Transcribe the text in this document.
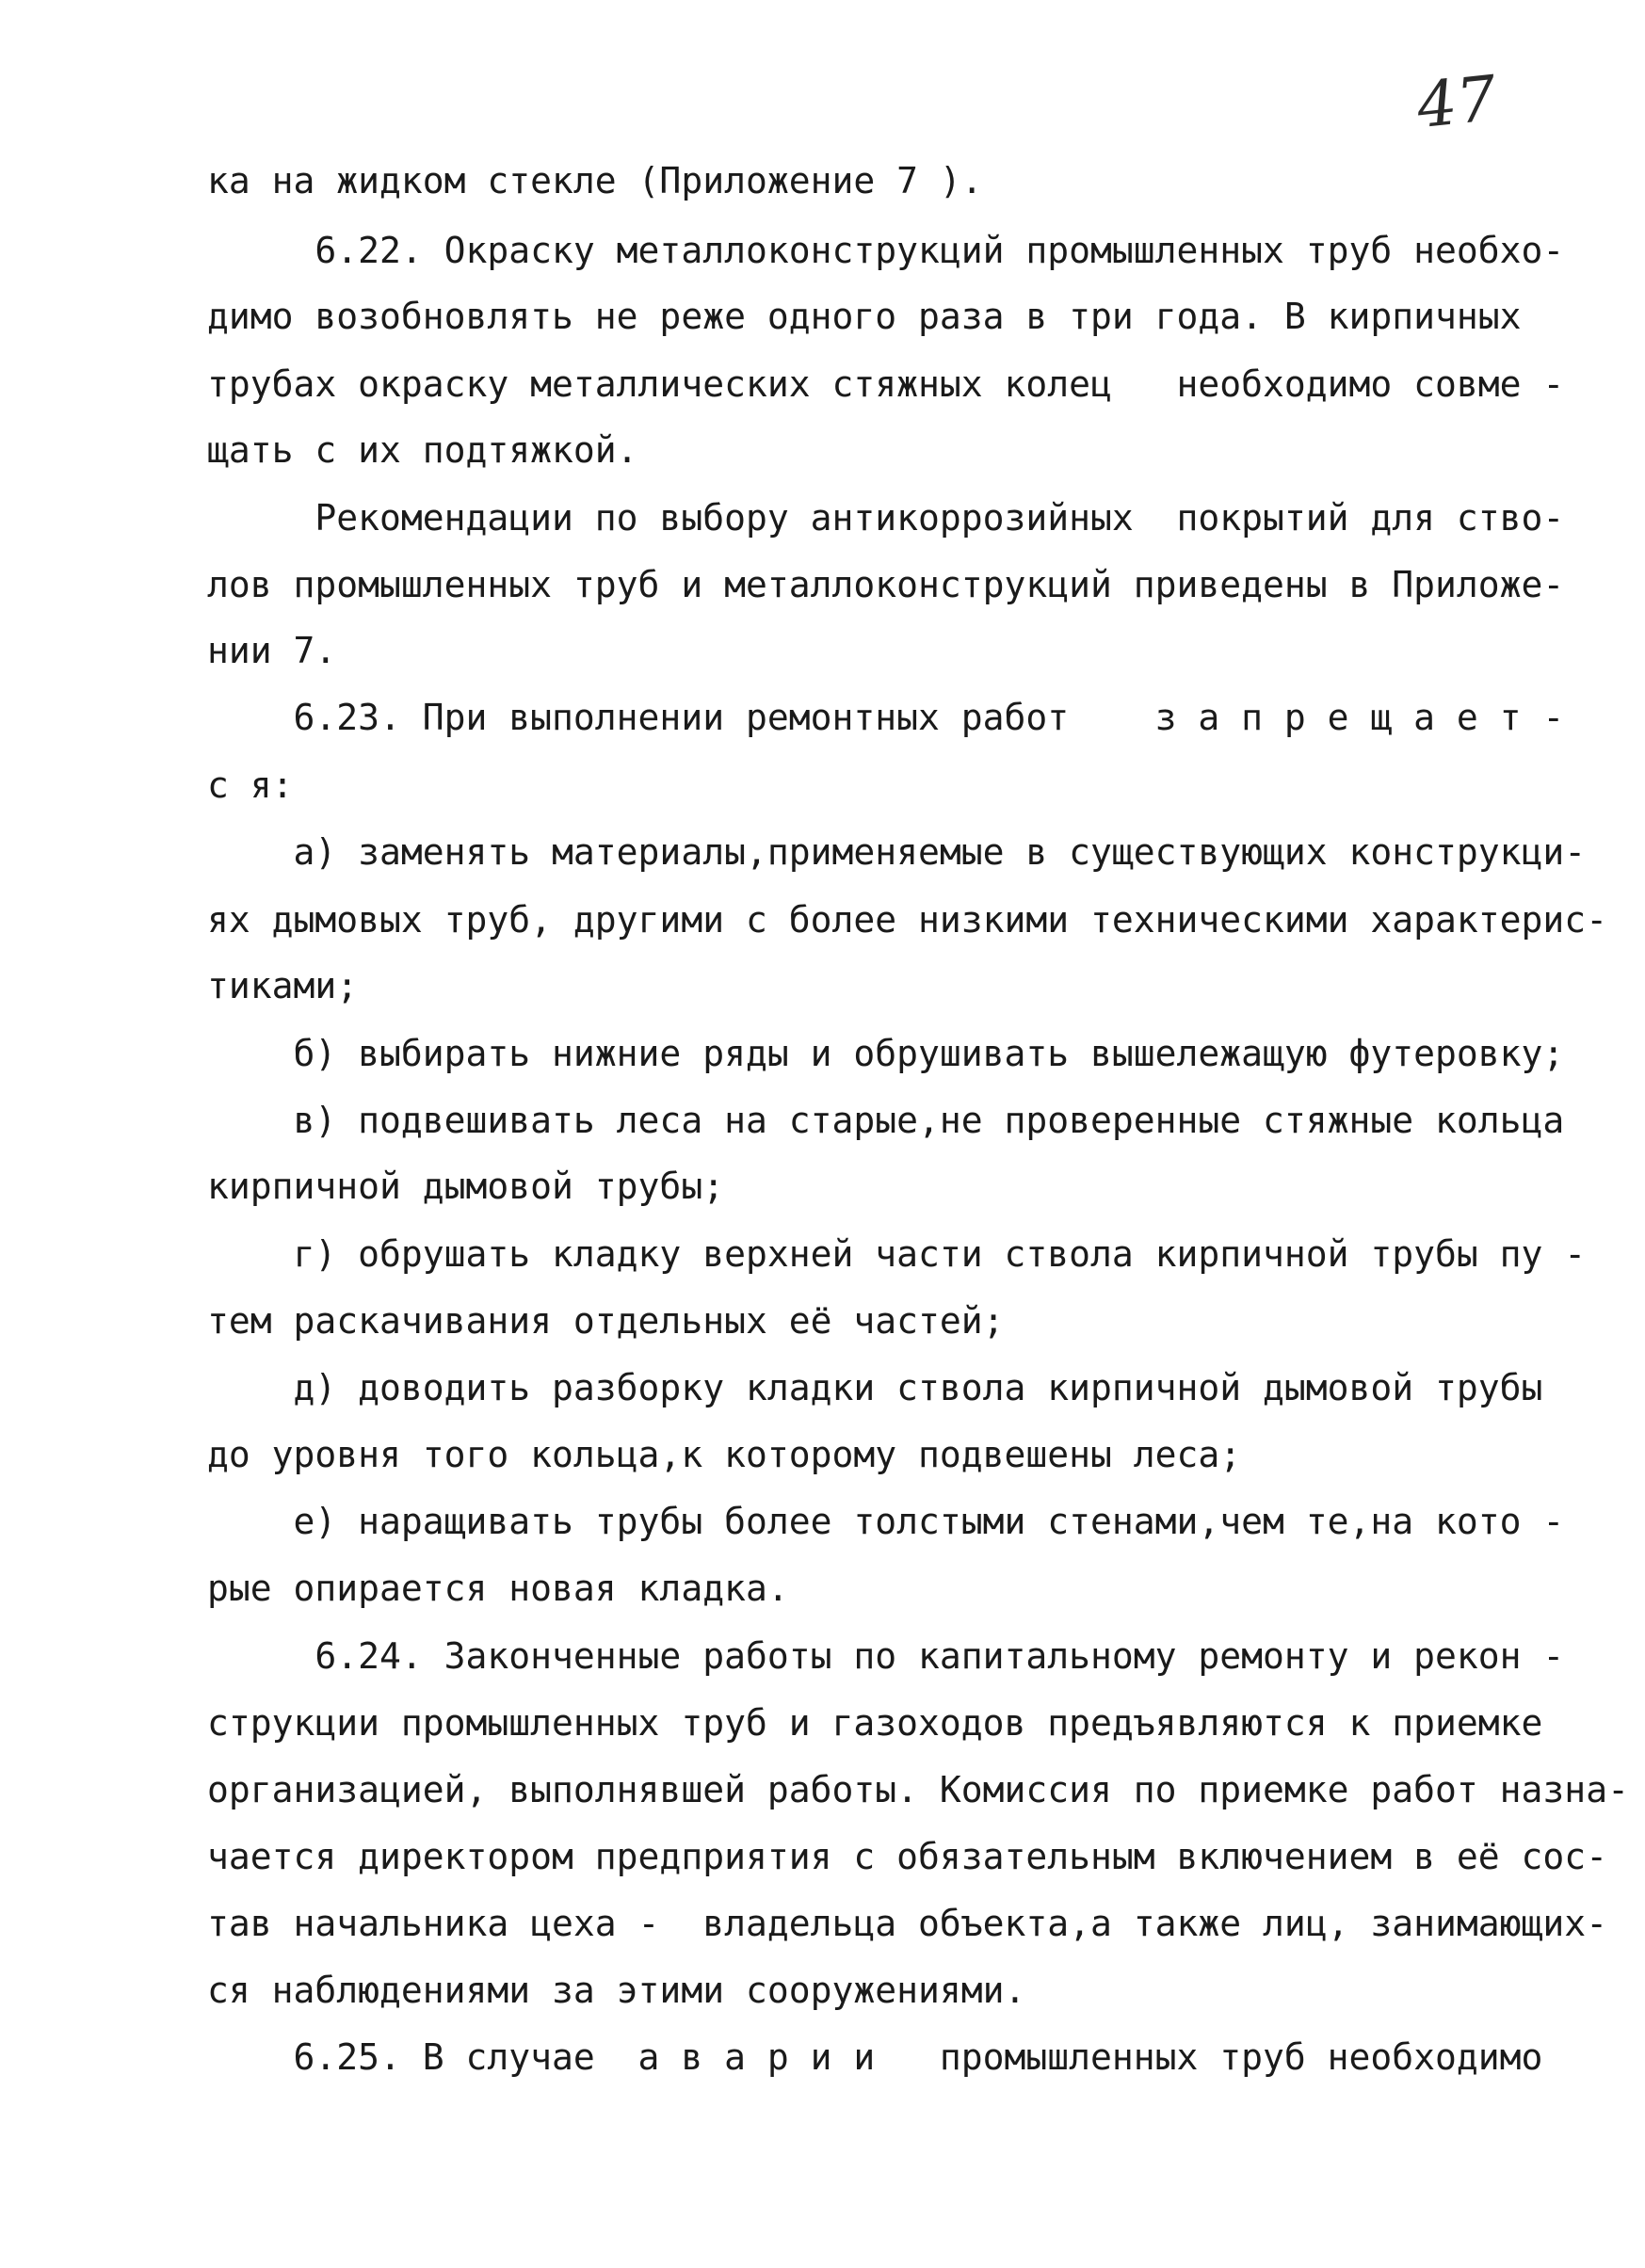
47
ка на жидком стекле (Приложение 7 ).
6.22. Окраску металлоконструкций промышленных труб необхо-
димо возобновлять не реже одного раза в три года. В кирпичных
трубах окраску металлических стяжных колец   необходимо совме -
щать с их подтяжкой.
Рекомендации по выбору антикоррозийных  покрытий для ство-
лов промышленных труб и металлоконструкций приведены в Приложе-
нии 7.
6.23. При выполнении ремонтных работ    з а п р е щ а е т -
с я:
а) заменять материалы,применяемые в существующих конструкци-
ях дымовых труб, другими с более низкими техническими характерис-
тиками;
б) выбирать нижние ряды и обрушивать вышележащую футеровку;
в) подвешивать леса на старые,не проверенные стяжные кольца
кирпичной дымовой трубы;
г) обрушать кладку верхней части ствола кирпичной трубы пу -
тем раскачивания отдельных её частей;
д) доводить разборку кладки ствола кирпичной дымовой трубы
до уровня того кольца,к которому подвешены леса;
е) наращивать трубы более толстыми стенами,чем те,на кото -
рые опирается новая кладка.
6.24. Законченные работы по капитальному ремонту и рекон -
струкции промышленных труб и газоходов предъявляются к приемке
организацией, выполнявшей работы. Комиссия по приемке работ назна-
чается директором предприятия с обязательным включением в её сос-
тав начальника цеха -  владельца объекта,а также лиц, занимающих-
ся наблюдениями за этими сооружениями.
6.25. В случае  а в а р и и   промышленных труб необходимо
